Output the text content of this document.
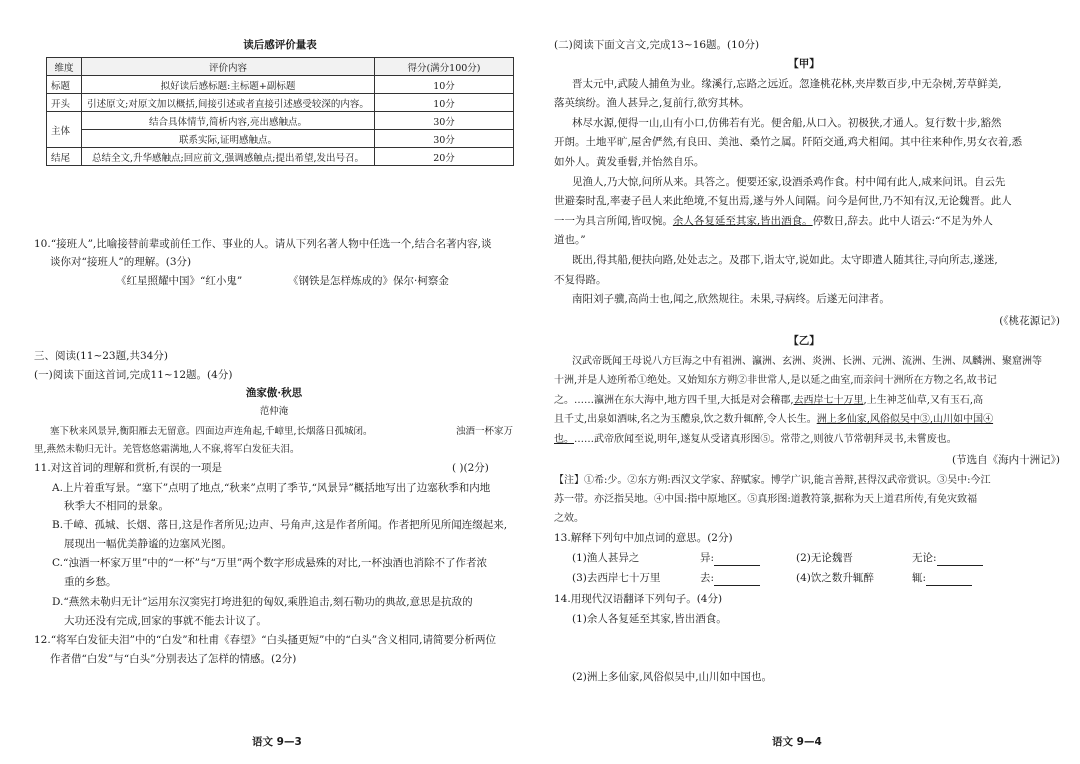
读后感评价量表
维度	评价内容	得分(满分100分)
标题	拟好读后感标题:主标题+副标题	10分
开头	引述原文;对原文加以概括,间接引述或者直接引述感受较深的内容。	10分
主体	结合具体情节,简析内容,亮出感触点。	30分
	联系实际,证明感触点。	30分
结尾	总结全文,升华感触点;回应前文,强调感触点;提出希望,发出号召。	20分
10.“接班人”,比喻接替前辈或前任工作、事业的人。请从下列名著人物中任选一个,结合名著内容,谈
谈你对“接班人”的理解。(3分)
《红星照耀中国》“红小鬼”	《钢铁是怎样炼成的》保尔·柯察金
三、阅读(11~23题,共34分)
(一)阅读下面这首词,完成11~12题。(4分)
渔家傲·秋思
范仲淹
塞下秋来风景异,衡阳雁去无留意。四面边声连角起,千嶂里,长烟落日孤城闭。	浊酒一杯家万
里,燕然未勒归无计。羌管悠悠霜满地,人不寐,将军白发征夫泪。
11.对这首词的理解和赏析,有误的一项是	( )(2分)
A.上片着重写景。“塞下”点明了地点,“秋来”点明了季节,“风景异”概括地写出了边塞秋季和内地
秋季大不相同的景象。
B.千嶂、孤城、长烟、落日,这是作者所见;边声、号角声,这是作者所闻。作者把所见所闻连缀起来,
展现出一幅优美静谧的边塞风光图。
C.“浊酒一杯家万里”中的“一杯”与“万里”两个数字形成悬殊的对比,一杯浊酒也消除不了作者浓
重的乡愁。
D.“燕然未勒归无计”运用东汉窦宪打垮进犯的匈奴,乘胜追击,刻石勒功的典故,意思是抗敌的
大功还没有完成,回家的事就不能去计议了。
12.“将军白发征夫泪”中的“白发”和杜甫《春望》“白头搔更短”中的“白头”含义相同,请简要分析两位
作者借“白发”与“白头”分别表达了怎样的情感。(2分)
语文 9—3
(二)阅读下面文言文,完成13~16题。(10分)
【甲】
晋太元中,武陵人捕鱼为业。缘溪行,忘路之远近。忽逢桃花林,夹岸数百步,中无杂树,芳草鲜美,
落英缤纷。渔人甚异之,复前行,欲穷其林。
林尽水源,便得一山,山有小口,仿佛若有光。便舍船,从口入。初极狭,才通人。复行数十步,豁然
开朗。土地平旷,屋舍俨然,有良田、美池、桑竹之属。阡陌交通,鸡犬相闻。其中往来种作,男女衣着,悉
如外人。黄发垂髫,并怡然自乐。
见渔人,乃大惊,问所从来。具答之。便要还家,设酒杀鸡作食。村中闻有此人,咸来问讯。自云先
世避秦时乱,率妻子邑人来此绝境,不复出焉,遂与外人间隔。问今是何世,乃不知有汉,无论魏晋。此人
一一为具言所闻,皆叹惋。余人各复延至其家,皆出酒食。停数日,辞去。此中人语云:“不足为外人
道也。”
既出,得其船,便扶向路,处处志之。及郡下,诣太守,说如此。太守即遣人随其往,寻向所志,遂迷,
不复得路。
南阳刘子骥,高尚士也,闻之,欣然规往。未果,寻病终。后遂无问津者。
(《桃花源记》)
【乙】
汉武帝既闻王母说八方巨海之中有祖洲、瀛洲、玄洲、炎洲、长洲、元洲、流洲、生洲、凤麟洲、聚窟洲等
十洲,并是人迹所希①绝处。又始知东方朔②非世常人,是以延之曲室,而亲问十洲所在方物之名,故书记
之。……瀛洲在东大海中,地方四千里,大抵是对会稽郡,去西岸七十万里,上生神芝仙草,又有玉石,高
且千丈,出泉如酒味,名之为玉醴泉,饮之数升辄醉,令人长生。洲上多仙家,风俗似吴中③,山川如中国④
也。……武帝欣闻至说,明年,遂复从受诸真形图⑤。常带之,则彼八节常朝拜灵书,未嘗废也。
(节选自《海内十洲记》)
【注】①希:少。②东方朔:西汉文学家、辞赋家。博学广识,能言善辩,甚得汉武帝赏识。③吴中:今江
苏一带。亦泛指吴地。④中国:指中原地区。⑤真形图:道教符箓,据称为天上道君所传,有免灾致福
之效。
13.解释下列句中加点词的意思。(2分)
(1)渔人甚异之	异:	(2)无论魏晋	无论:
(3)去西岸七十万里	去:	(4)饮之数升辄醉	辄:
14.用现代汉语翻译下列句子。(4分)
(1)余人各复延至其家,皆出酒食。
(2)洲上多仙家,风俗似吴中,山川如中国也。
语文 9—4
